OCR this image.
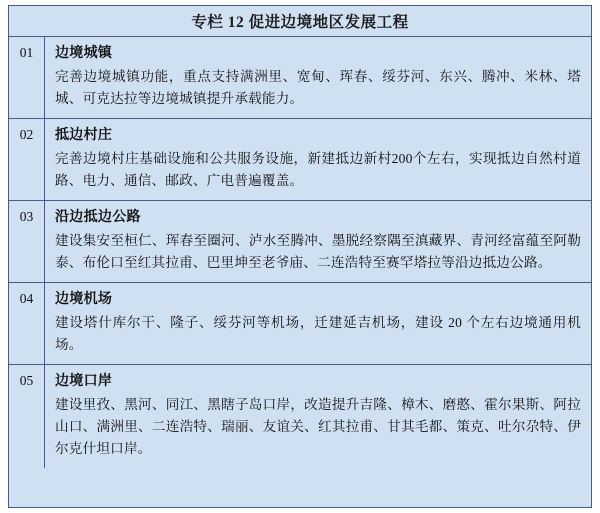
专栏 12 促进边境地区发展工程
01	边境城镇
完善边境城镇功能，重点支持满洲里、宽甸、珲春、绥芬河、东兴、腾冲、米林、塔城、可克达拉等边境城镇提升承载能力。
02	抵边村庄
完善边境村庄基础设施和公共服务设施，新建抵边新村200个左右，实现抵边自然村道路、电力、通信、邮政、广电普遍覆盖。
03	沿边抵边公路
建设集安至桓仁、珲春至圈河、泸水至腾冲、墨脱经察隅至滇藏界、青河经富蕴至阿勒泰、布伦口至红其拉甫、巴里坤至老爷庙、二连浩特至赛罕塔拉等沿边抵边公路。
04	边境机场
建设塔什库尔干、隆子、绥芬河等机场，迁建延吉机场，建设 20 个左右边境通用机场。
05	边境口岸
建设里孜、黑河、同江、黑瞎子岛口岸，改造提升吉隆、樟木、磨憨、霍尔果斯、阿拉山口、满洲里、二连浩特、瑞丽、友谊关、红其拉甫、甘其毛都、策克、吐尔尕特、伊尔克什坦口岸。
